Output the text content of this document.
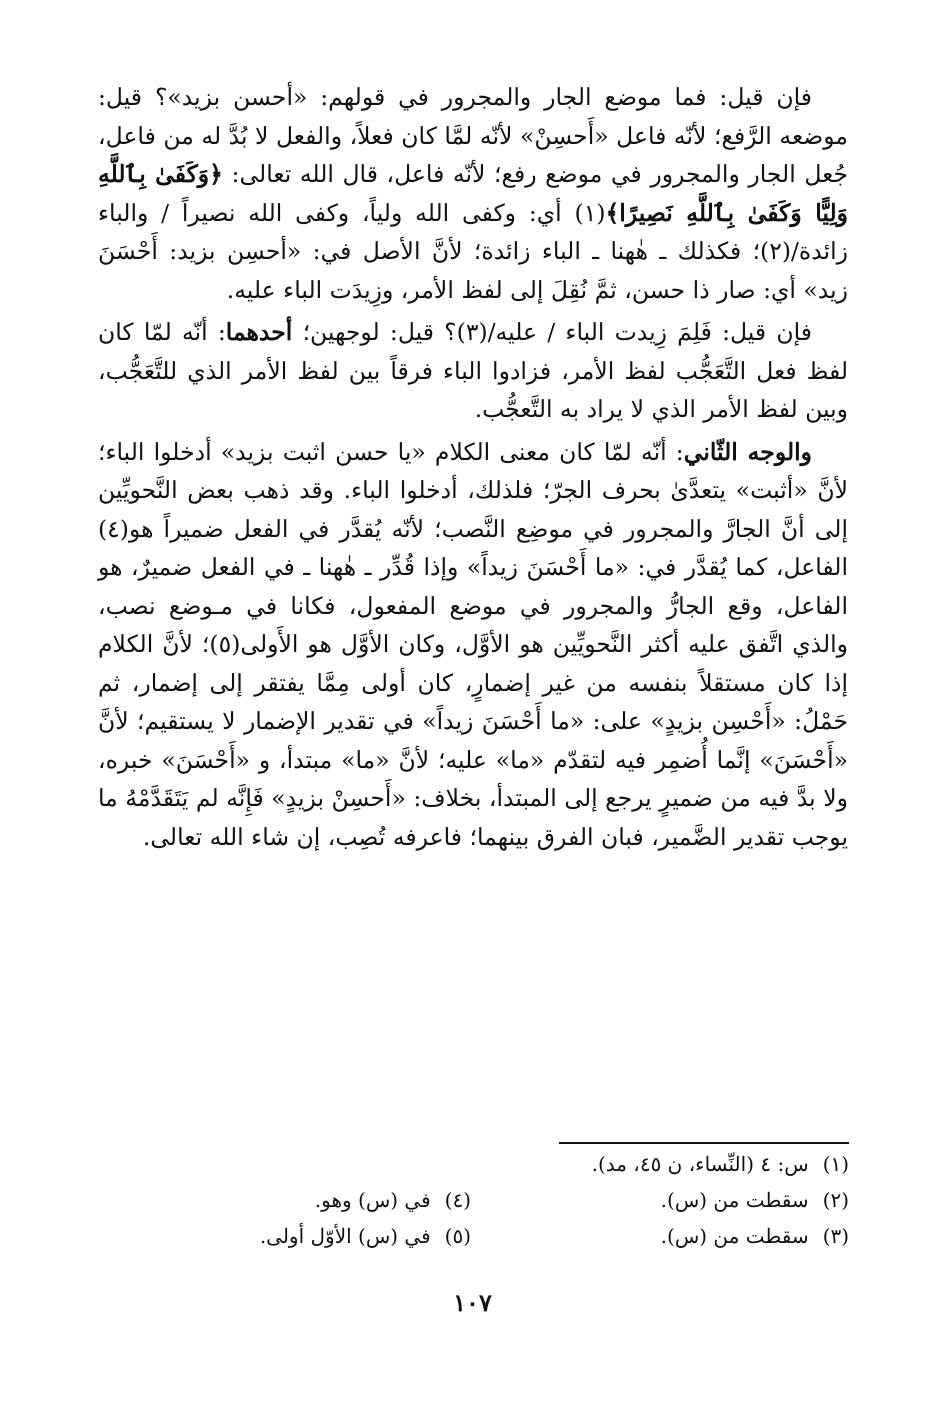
فإن قيل: فما موضع الجار والمجرور في قولهم: «أحسن بزيد»؟ قيل: موضعه الرَّفع؛ لأنّه فاعل «أَحسِنْ» لأنّه لمَّا كان فعلاً، والفعل لا بُدَّ له من فاعل، جُعل الجار والمجرور في موضع رفع؛ لأنّه فاعل، قال الله تعالى: ﴿وَكَفَىٰ بِٱللَّهِ وَلِيًّا وَكَفَىٰ بِٱللَّهِ نَصِيرًا﴾(١) أي: وكفى الله ولياً، وكفى الله نصيراً / والباء زائدة/(٢)؛ فكذلك ـ هٰهنا ـ الباء زائدة؛ لأنَّ الأصل في: «أحسِن بزيد: أَحْسَنَ زيد» أي: صار ذا حسن، ثمَّ نُقِلَ إلى لفظ الأمر، وزِيدَت الباء عليه.

فإن قيل: فَلِمَ زِيدت الباء / عليه/(٣)؟ قيل: لوجهين؛ أحدهما: أنّه لمّا كان لفظ فعل التَّعَجُّب لفظ الأمر، فزادوا الباء فرقاً بين لفظ الأمر الذي للتَّعَجُّب، وبين لفظ الأمر الذي لا يراد به التَّعجُّب.

والوجه الثّاني: أنّه لمّا كان معنى الكلام «يا حسن اثبت بزيد» أدخلوا الباء؛ لأنَّ «أثبت» يتعدَّىٰ بحرف الجرّ؛ فلذلك، أدخلوا الباء. وقد ذهب بعض النَّحويِّين إلى أنَّ الجارَّ والمجرور في موضِع النَّصب؛ لأنّه يُقدَّر في الفعل ضميراً هو(٤) الفاعل، كما يُقدَّر في: «ما أَحْسَنَ زيداً» وإذا قُدِّر ـ هٰهنا ـ في الفعل ضميرٌ، هو الفاعل، وقع الجارُّ والمجرور في موضع المفعول، فكانا في مـوضع نصب، والذي اتَّفق عليه أكثر النَّحويِّين هو الأوَّل، وكان الأوَّل هو الأَولى(٥)؛ لأنَّ الكلام إذا كان مستقلاً بنفسه من غير إضمارٍ، كان أولى مِمَّا يفتقر إلى إضمار، ثم حَمْلُ: «أَحْسِن بزيدٍ» على: «ما أَحْسَنَ زيداً» في تقدير الإضمار لا يستقيم؛ لأنَّ «أَحْسَنَ» إنَّما أُضمِر فيه لتقدّم «ما» عليه؛ لأنَّ «ما» مبتدأ، و «أَحْسَنَ» خبره، ولا بدَّ فيه من ضميرٍ يرجع إلى المبتدأ، بخلاف: «أَحسِنْ بزيدٍ» فَإِنَّه لم يَتَقَدَّمْهُ ما يوجب تقدير الضَّمير، فبان الفرق بينهما؛ فاعرفه تُصِب، إن شاء الله تعالى.

(١)س: ٤ (النِّساء، ن ٤٥، مد).
(٢)سقطت من (س).
(٣)سقطت من (س).
(٤)في (س) وهو.
(٥)في (س) الأوّل أولى.
١٠٧
